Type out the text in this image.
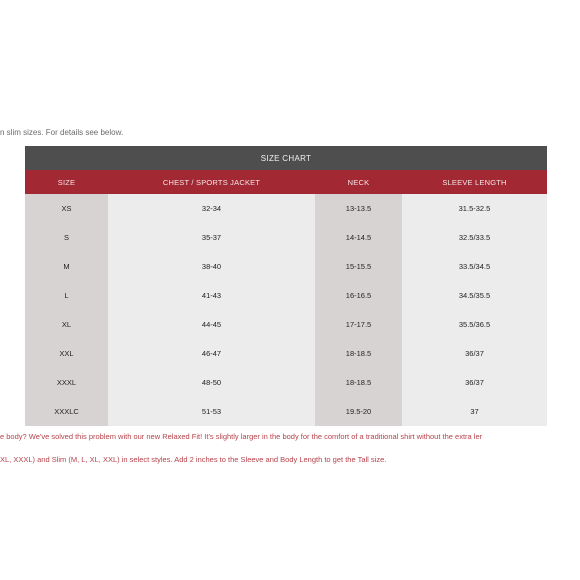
n slim sizes. For details see below.
SIZE CHART
SIZE	CHEST / SPORTS JACKET	NECK	SLEEVE LENGTH
XS	32-34	13-13.5	31.5-32.5
S	35-37	14-14.5	32.5/33.5
M	38-40	15-15.5	33.5/34.5
L	41-43	16-16.5	34.5/35.5
XL	44-45	17-17.5	35.5/36.5
XXL	46-47	18-18.5	36/37
XXXL	48-50	18-18.5	36/37
XXXLC	51-53	19.5-20	37
e body? We've solved this problem with our new Relaxed Fit! It's slightly larger in the body for the comfort of a traditional shirt without the extra ler
XL, XXXL) and Slim (M, L, XL, XXL) in select styles. Add 2 inches to the Sleeve and Body Length to get the Tall size.
